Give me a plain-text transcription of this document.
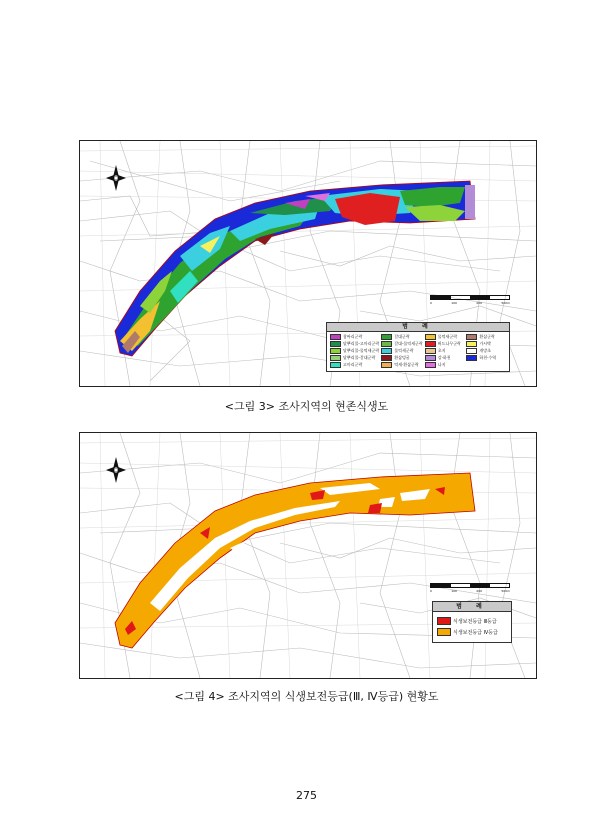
0	100	200	500m
범 례
참싸리군락	갈대군락	물억새군락	환삼군락
달뿌리풀-고마리군락	갈대-물억새군락	버드나무군락	가시박
달뿌리풀-물억새군락	물억새군락	초지	개망초
달뿌리풀-갈대군락	환삼덩굴	강·하천	하천·수역
고마리군락	억새·환삼군락	나지
<그림 3> 조사지역의 현존식생도
0	100	200	500m
범 례
식생보전등급 Ⅲ등급
식생보전등급 Ⅳ등급
<그림 4> 조사지역의 식생보전등급(Ⅲ, Ⅳ등급) 현황도
275
